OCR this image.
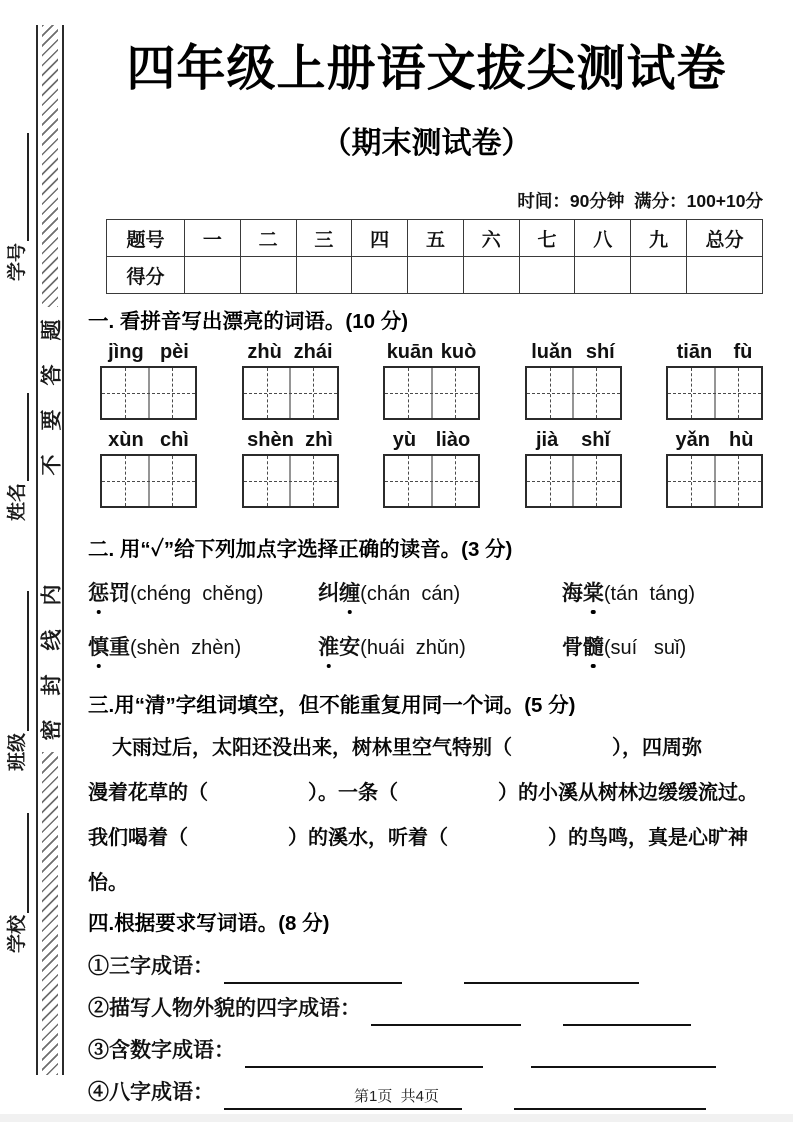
学校
班级
姓名
学号
题
答
要
不
内
线
封
密
四年级上册语文拔尖测试卷
（期末测试卷）
时间：90分钟  满分：100+10分
题号	一	二	三	四	五	六	七	八	九	总分
得分										
一. 看拼音写出漂亮的词语。(10 分)
jìng pèi	zhù zhái	kuān kuò	luǎn shí	tiān fù
xùn chì	shèn zhì	yù liào	jià shǐ	yǎn hù
二. 用“✓”给下列加点字选择正确的读音。(3 分)
惩罚(chéng  chěng)	纠缠(chán  cán)	海棠(tán  táng)
慎重(shèn  zhèn)	淮安(huái  zhǔn)	骨髓(suí   suǐ)
三.用“清”字组词填空，但不能重复用同一个词。(5 分)
大雨过后，太阳还没出来，树林里空气特别（　　　　　），四周弥
漫着花草的（　　　　　）。一条（　　　　　）的小溪从树林边缓缓流过。
我们喝着（　　　　　）的溪水，听着（　　　　　）的鸟鸣，真是心旷神
怡。
四.根据要求写词语。(8 分)
①三字成语：
②描写人物外貌的四字成语：
③含数字成语：
④八字成语：	第1页  共4页
